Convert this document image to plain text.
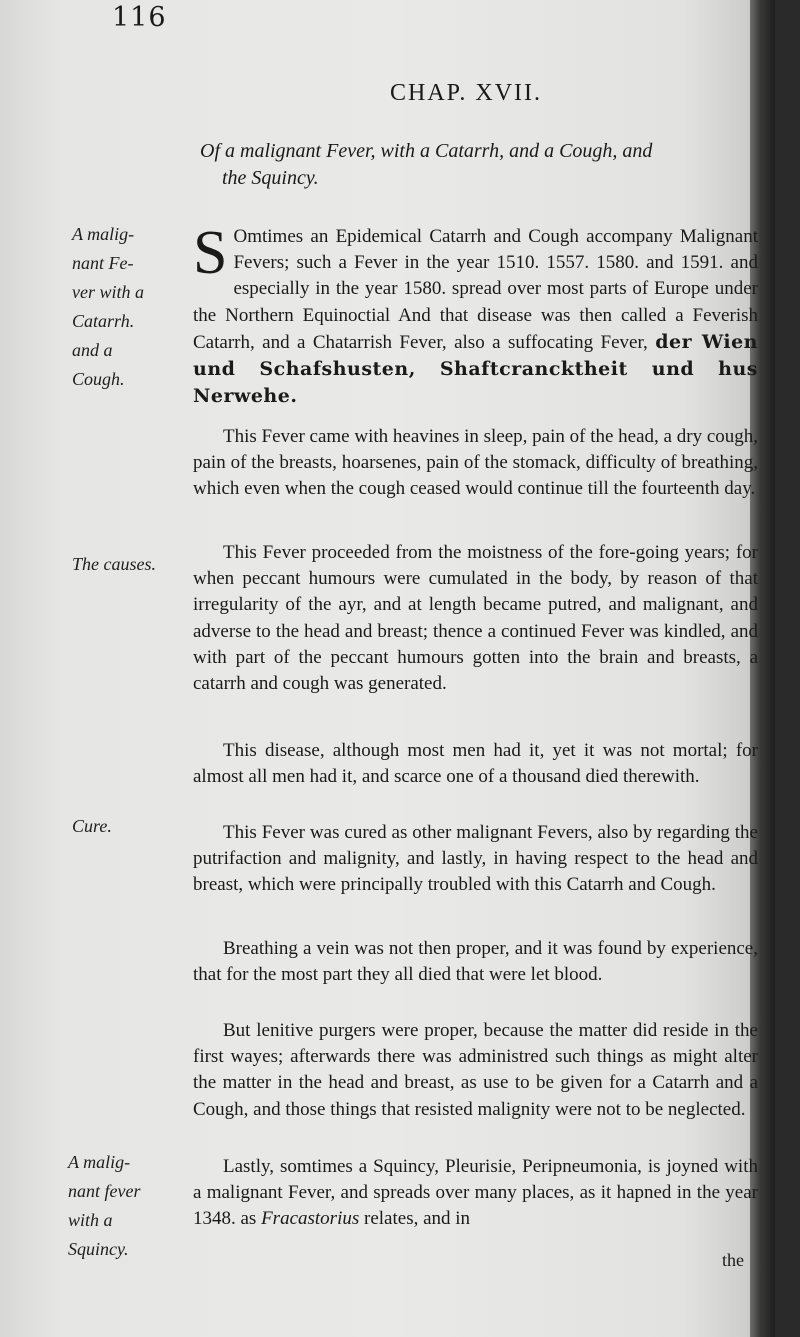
116
CHAP. XVII.
Of a malignant Fever, with a Catarrh, and a Cough, and
the Squincy.
A malig-
nant Fe-
ver with a
Catarrh.
and a
Cough.
The causes.
Cure.
A malig-
nant fever
with a
Squincy.

S Omtimes an Epidemical Catarrh and Cough accompany Malignant Fevers; such a Fever in the year 1510. 1557. 1580. and 1591. and especially in the year 1580. spread over most parts of Europe under the Northern Equinoctial And that disease was then called a Feverish Catarrh, and a Chatarrish Fever, also a suffocating Fever, der Wien und Schafshusten, Shaftcrancktheit und hus Nerwehe.

This Fever came with heavines in sleep, pain of the head, a dry cough, pain of the breasts, hoarsenes, pain of the stomack, difficulty of breathing, which even when the cough ceased would continue till the fourteenth day.

This Fever proceeded from the moistness of the fore-going years; for when peccant humours were cumulated in the body, by reason of that irregularity of the ayr, and at length became putred, and malignant, and adverse to the head and breast; thence a continued Fever was kindled, and with part of the peccant humours gotten into the brain and breasts, a catarrh and cough was generated.

This disease, although most men had it, yet it was not mortal; for almost all men had it, and scarce one of a thousand died therewith.

This Fever was cured as other malignant Fevers, also by regarding the putrifaction and malignity, and lastly, in having respect to the head and breast, which were principally troubled with this Catarrh and Cough.

Breathing a vein was not then proper, and it was found by experience, that for the most part they all died that were let blood.

But lenitive purgers were proper, because the matter did reside in the first wayes; afterwards there was administred such things as might alter the matter in the head and breast, as use to be given for a Catarrh and a Cough, and those things that resisted malignity were not to be neglected.

Lastly, somtimes a Squincy, Pleurisie, Peripneumonia, is joyned with a malignant Fever, and spreads over many places, as it hapned in the year 1348. as Fracastorius relates, and in

the
